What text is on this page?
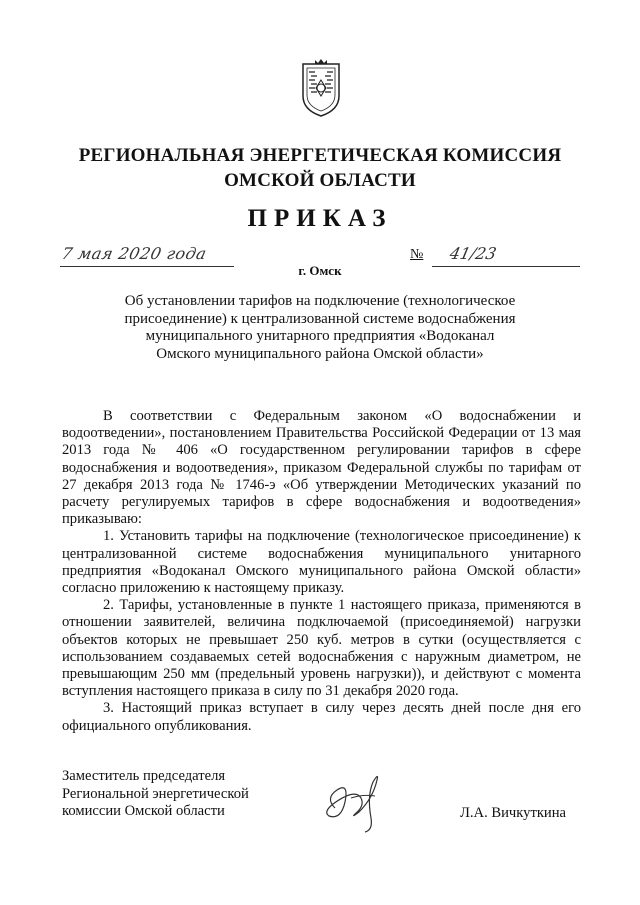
РЕГИОНАЛЬНАЯ ЭНЕРГЕТИЧЕСКАЯ КОМИССИЯ
ОМСКОЙ ОБЛАСТИ
ПРИКАЗ
7 мая 2020 года	№ 41/23
г. Омск
Об установлении тарифов на подключение (технологическое
присоединение) к централизованной системе водоснабжения
муниципального унитарного предприятия «Водоканал
Омского муниципального района Омской области»

В соответствии с Федеральным законом «О водоснабжении и водоотведении», постановлением Правительства Российской Федерации от 13 мая 2013 года № 406 «О государственном регулировании тарифов в сфере водоснабжения и водоотведения», приказом Федеральной службы по тарифам от 27 декабря 2013 года № 1746-э «Об утверждении Методических указаний по расчету регулируемых тарифов в сфере водоснабжения и водоотведения» приказываю:

1. Установить тарифы на подключение (технологическое присоединение) к централизованной системе водоснабжения муниципального унитарного предприятия «Водоканал Омского муниципального района Омской области» согласно приложению к настоящему приказу.

2. Тарифы, установленные в пункте 1 настоящего приказа, применяются в отношении заявителей, величина подключаемой (присоединяемой) нагрузки объектов которых не превышает 250 куб. метров в сутки (осуществляется с использованием создаваемых сетей водоснабжения с наружным диаметром, не превышающим 250 мм (предельный уровень нагрузки)), и действуют с момента вступления настоящего приказа в силу по 31 декабря 2020 года.

3. Настоящий приказ вступает в силу через десять дней после дня его официального опубликования.

Заместитель председателя
Региональной энергетической
комиссии Омской области	Л.А. Вичкуткина
